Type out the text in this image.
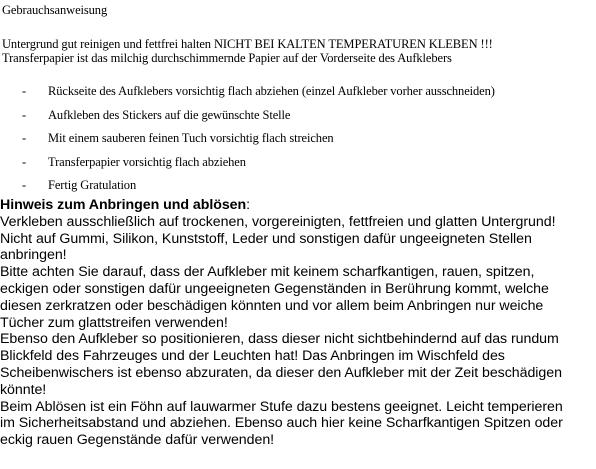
Gebrauchsanweisung
Untergrund gut reinigen und fettfrei halten NICHT BEI KALTEN TEMPERATUREN KLEBEN !!!
Transferpapier ist das milchig durchschimmernde Papier auf der Vorderseite des Aufklebers
- Rückseite des Aufklebers vorsichtig flach abziehen (einzel Aufkleber vorher ausschneiden)
- Aufkleben des Stickers auf die gewünschte Stelle
- Mit einem sauberen feinen Tuch vorsichtig flach streichen
- Transferpapier vorsichtig flach abziehen
- Fertig Gratulation
Hinweis zum Anbringen und ablösen:
Verkleben ausschließlich auf trockenen, vorgereinigten, fettfreien und glatten Untergrund!
Nicht auf Gummi, Silikon, Kunststoff, Leder und sonstigen dafür ungeeigneten Stellen
anbringen!
Bitte achten Sie darauf, dass der Aufkleber mit keinem scharfkantigen, rauen, spitzen,
eckigen oder sonstigen dafür ungeeigneten Gegenständen in Berührung kommt, welche
diesen zerkratzen oder beschädigen könnten und vor allem beim Anbringen nur weiche
Tücher zum glattstreifen verwenden!
Ebenso den Aufkleber so positionieren, dass dieser nicht sichtbehindernd auf das rundum
Blickfeld des Fahrzeuges und der Leuchten hat! Das Anbringen im Wischfeld des
Scheibenwischers ist ebenso abzuraten, da dieser den Aufkleber mit der Zeit beschädigen
könnte!
Beim Ablösen ist ein Föhn auf lauwarmer Stufe dazu bestens geeignet. Leicht temperieren
im Sicherheitsabstand und abziehen. Ebenso auch hier keine Scharfkantigen Spitzen oder
eckig rauen Gegenstände dafür verwenden!
